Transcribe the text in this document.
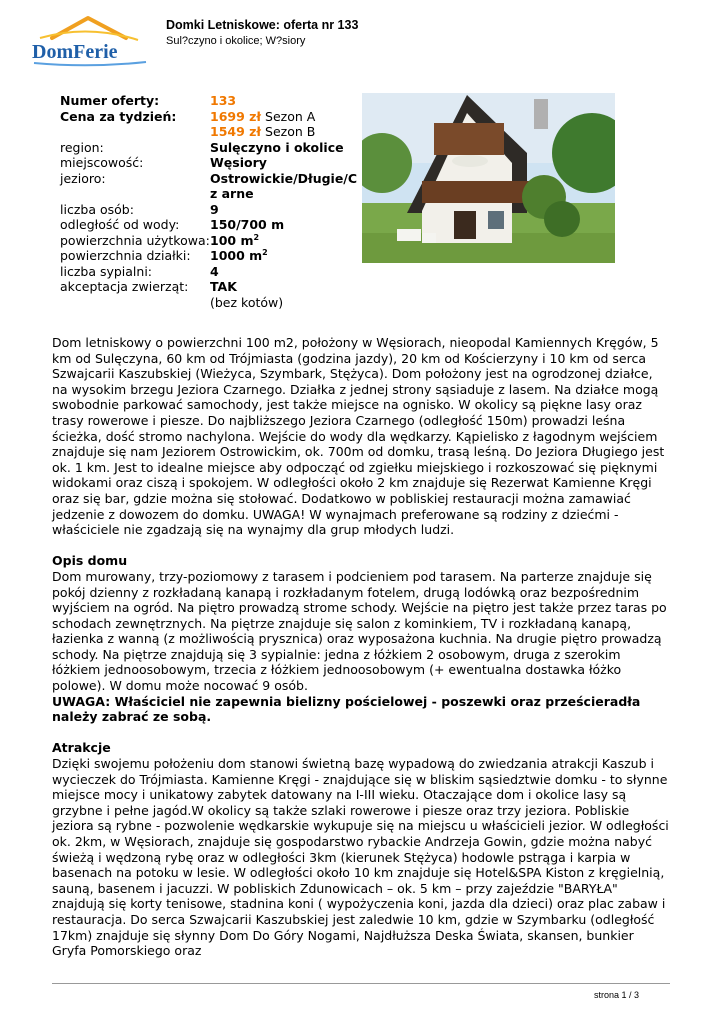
DomFerie
Domki Letniskowe: oferta nr 133
Sul?czyno i okolice; W?siory
Numer oferty:	133
Cena za tydzień:	1699 zł Sezon A
1549 zł Sezon B
region:	Sulęczyno i okolice
miejscowość:	Węsiory
jezioro:	Ostrowickie/Długie/Cz arne
liczba osób:	9
odległość od wody:	150/700 m
powierzchnia użytkowa: 100 $m^2$
powierzchnia działki:	1000 $m^2$
liczba sypialni:	4
akceptacja zwierząt:	TAK
(bez kotów)

Dom letniskowy o powierzchni 100 m2, położony w Węsiorach, nieopodal Kamiennych Kręgów, 5 km od Sulęczyna, 60 km od Trójmiasta (godzina jazdy), 20 km od Kościerzyny i 10 km od serca Szwajcarii Kaszubskiej (Wieżyca, Szymbark, Stężyca). Dom położony jest na ogrodzonej działce, na wysokim brzegu Jeziora Czarnego. Działka z jednej strony sąsiaduje z lasem. Na działce mogą swobodnie parkować samochody, jest także miejsce na ognisko. W okolicy są piękne lasy oraz trasy rowerowe i piesze. Do najbliższego Jeziora Czarnego (odległość 150m) prowadzi leśna ścieżka, dość stromo nachylona. Wejście do wody dla wędkarzy. Kąpielisko z łagodnym wejściem znajduje się nam Jeziorem Ostrowickim, ok. 700m od domku, trasą leśną. Do Jeziora Długiego jest ok. 1 km. Jest to idealne miejsce aby odpocząć od zgiełku miejskiego i rozkoszować się pięknymi widokami oraz ciszą i spokojem. W odległości około 2 km znajduje się Rezerwat Kamienne Kręgi oraz się bar, gdzie można się stołować. Dodatkowo w pobliskiej restauracji można zamawiać jedzenie z dowozem do domku. UWAGA! W wynajmach preferowane są rodziny z dziećmi - właściciele nie zgadzają się na wynajmy dla grup młodych ludzi.

Opis domu

Dom murowany, trzy-poziomowy z tarasem i podcieniem pod tarasem. Na parterze znajduje się pokój dzienny z rozkładaną kanapą i rozkładanym fotelem, drugą lodówką oraz bezpośrednim wyjściem na ogród. Na piętro prowadzą strome schody. Wejście na piętro jest także przez taras po schodach zewnętrznych. Na piętrze znajduje się salon z kominkiem, TV i rozkładaną kanapą, łazienka z wanną (z możliwością prysznica) oraz wyposażona kuchnia. Na drugie piętro prowadzą schody. Na piętrze znajdują się 3 sypialnie: jedna z łóżkiem 2 osobowym, druga z szerokim łóżkiem jednoosobowym, trzecia z łóżkiem jednoosobowym (+ ewentualna dostawka łóżko polowe). W domu może nocować 9 osób.

UWAGA: Właściciel nie zapewnia bielizny pościelowej - poszewki oraz prześcieradła należy zabrać ze sobą.

Atrakcje

Dzięki swojemu położeniu dom stanowi świetną bazę wypadową do zwiedzania atrakcji Kaszub i wycieczek do Trójmiasta. Kamienne Kręgi - znajdujące się w bliskim sąsiedztwie domku - to słynne miejsce mocy i unikatowy zabytek datowany na I-III wieku. Otaczające dom i okolice lasy są grzybne i pełne jagód.W okolicy są także szlaki rowerowe i piesze oraz trzy jeziora. Pobliskie jeziora są rybne - pozwolenie wędkarskie wykupuje się na miejscu u właścicieli jezior. W odległości ok. 2km, w Węsiorach, znajduje się gospodarstwo rybackie Andrzeja Gowin, gdzie można nabyć świeżą i wędzoną rybę oraz w odległości 3km (kierunek Stężyca) hodowle pstrąga i karpia w basenach na potoku w lesie. W odległości około 10 km znajduje się Hotel&SPA Kiston z kręgielnią, sauną, basenem i jacuzzi. W pobliskich Zdunowicach – ok. 5 km – przy zajeździe "BARYŁA" znajdują się korty tenisowe, stadnina koni ( wypożyczenia koni, jazda dla dzieci) oraz plac zabaw i restauracja. Do serca Szwajcarii Kaszubskiej jest zaledwie 10 km, gdzie w Szymbarku (odległość 17km) znajduje się słynny Dom Do Góry Nogami, Najdłuższa Deska Świata, skansen, bunkier Gryfa Pomorskiego oraz

strona 1 / 3
